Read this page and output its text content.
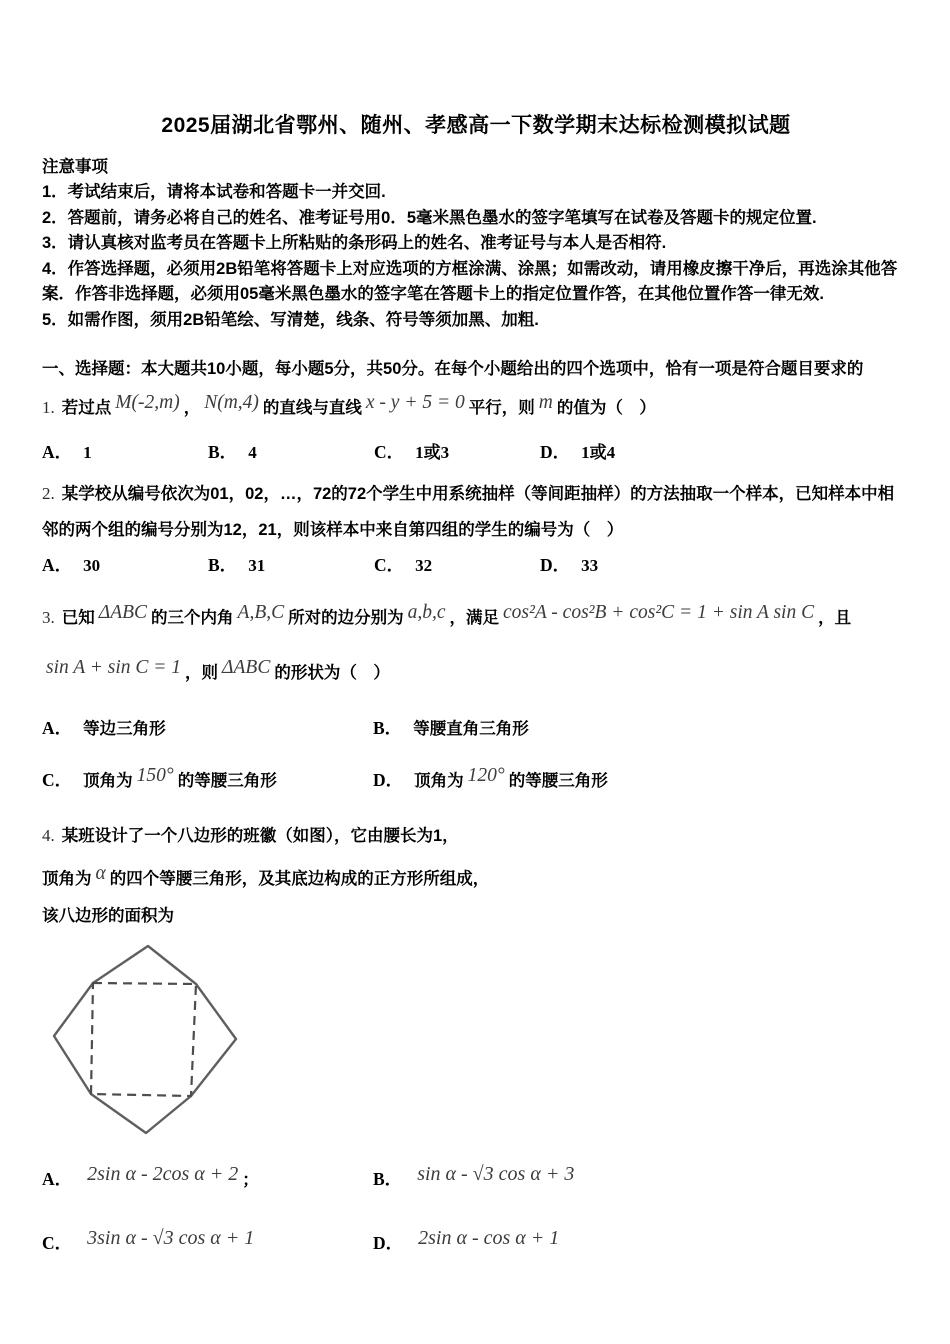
2025届湖北省鄂州、随州、孝感高一下数学期末达标检测模拟试题
注意事项
1．考试结束后，请将本试卷和答题卡一并交回.
2．答题前，请务必将自己的姓名、准考证号用0．5毫米黑色墨水的签字笔填写在试卷及答题卡的规定位置.
3．请认真核对监考员在答题卡上所粘贴的条形码上的姓名、准考证号与本人是否相符.
4．作答选择题，必须用2B铅笔将答题卡上对应选项的方框涂满、涂黑；如需改动，请用橡皮擦干净后，再选涂其他答案．作答非选择题，必须用05毫米黑色墨水的签字笔在答题卡上的指定位置作答，在其他位置作答一律无效.
5．如需作图，须用2B铅笔绘、写清楚，线条、符号等须加黑、加粗.
一、选择题：本大题共10小题，每小题5分，共50分。在每个小题给出的四个选项中，恰有一项是符合题目要求的
1. 若过点 M(-2,m) ， N(m,4) 的直线与直线 x - y + 5 = 0 平行，则 m 的值为（　）
A． 1	B． 4	C． 1或3	D． 1或4
2. 某学校从编号依次为01，02，…，72的72个学生中用系统抽样（等间距抽样）的方法抽取一个样本，已知样本中相邻的两个组的编号分别为12，21，则该样本中来自第四组的学生的编号为（　）
A． 30	B． 31	C． 32	D． 33
3. 已知 ΔABC 的三个内角 A,B,C 所对的边分别为 a,b,c ，满足 cos²A - cos²B + cos²C = 1 + sin A sin C ，且
sin A + sin C = 1 ，则 ΔABC 的形状为（　）
A． 等边三角形	B． 等腰直角三角形
C． 顶角为 150° 的等腰三角形	D． 顶角为 120° 的等腰三角形
4. 某班设计了一个八边形的班徽（如图），它由腰长为1，
顶角为 α 的四个等腰三角形，及其底边构成的正方形所组成，
该八边形的面积为
A． 2sin α - 2cos α + 2 ；	B． sin α - √3 cos α + 3
C． 3sin α - √3 cos α + 1	D． 2sin α - cos α + 1
